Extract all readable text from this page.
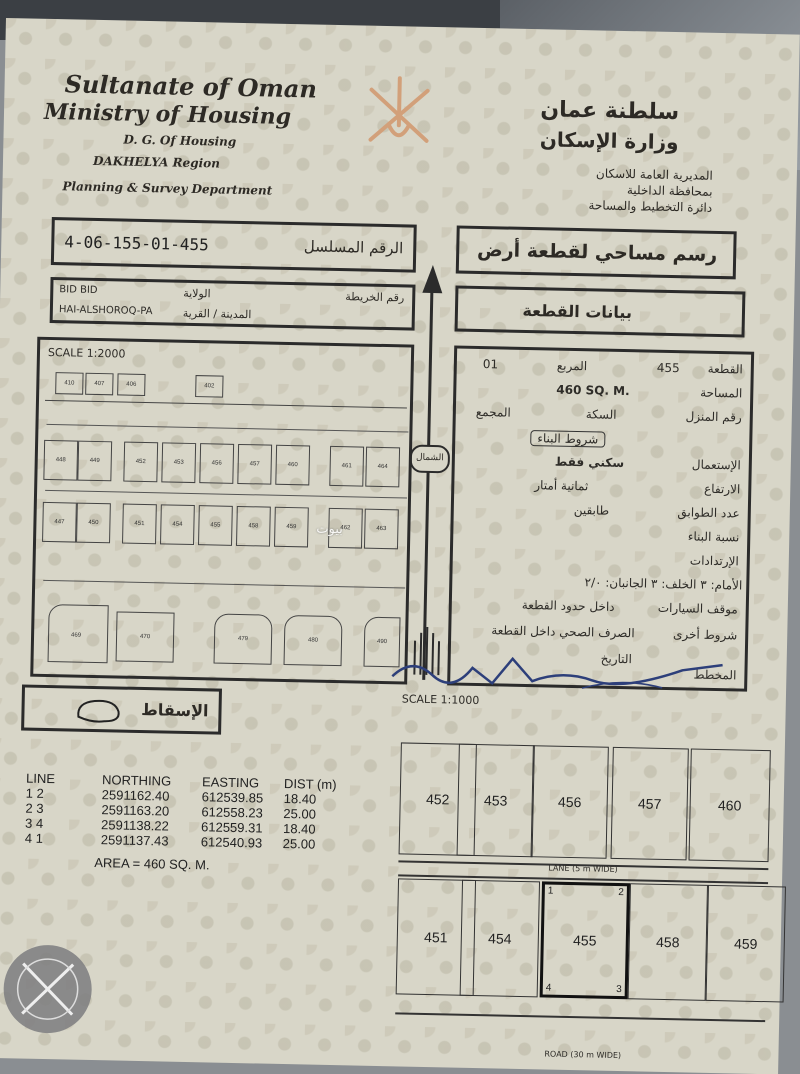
Sultanate of Oman
Ministry of Housing
D. G. Of Housing
DAKHELYA Region
Planning & Survey Department
سلطنة عمان
وزارة الإسكان
المديرية العامة للاسكان
بمحافظة الداخلية
دائرة التخطيط والمساحة
4-06-155-01-455	الرقم المسلسل	رسم مساحي لقطعة أرض
BID BID
HAI-ALSHOROQ-PA
الولاية
المدينة / القرية
رقم الخريطة
بيانات القطعة
الشمال
SCALE 1:2000
410	407	406	402
448	449	452	453	456	457	460	461	464
447	450	451	454	455	458	459	462	463
469	470	479	480	490
بيوت
01	المربع	455 القطعة
460 SQ. M.	المساحة
المجمع	السكة	رقم المنزل
شروط البناء
سكني فقط	الإستعمال
ثمانية أمتار	الارتفاع
طابقين	عدد الطوابق
نسبة البناء
الإرتدادات
الأمام: ٣ الخلف: ٣ الجانبان: ٢/٠
داخل حدود القطعة	موقف السيارات
الصرف الصحي داخل القطعة	شروط أخرى
التاريخ
المخطط
الإسقاط
SCALE 1:1000
LINE	NORTHING	EASTING	DIST (m)
1 2	2591162.40	612539.85	18.40
2 3	2591163.20	612558.23	25.00
3 4	2591138.22	612559.31	18.40
4 1	2591137.43	612540.93	25.00
AREA = 460 SQ. M.
452	453	456	457	460
LANE (5 m WIDE)
451	454	455
1	2
3
4
458	459
ROAD (30 m WIDE)
